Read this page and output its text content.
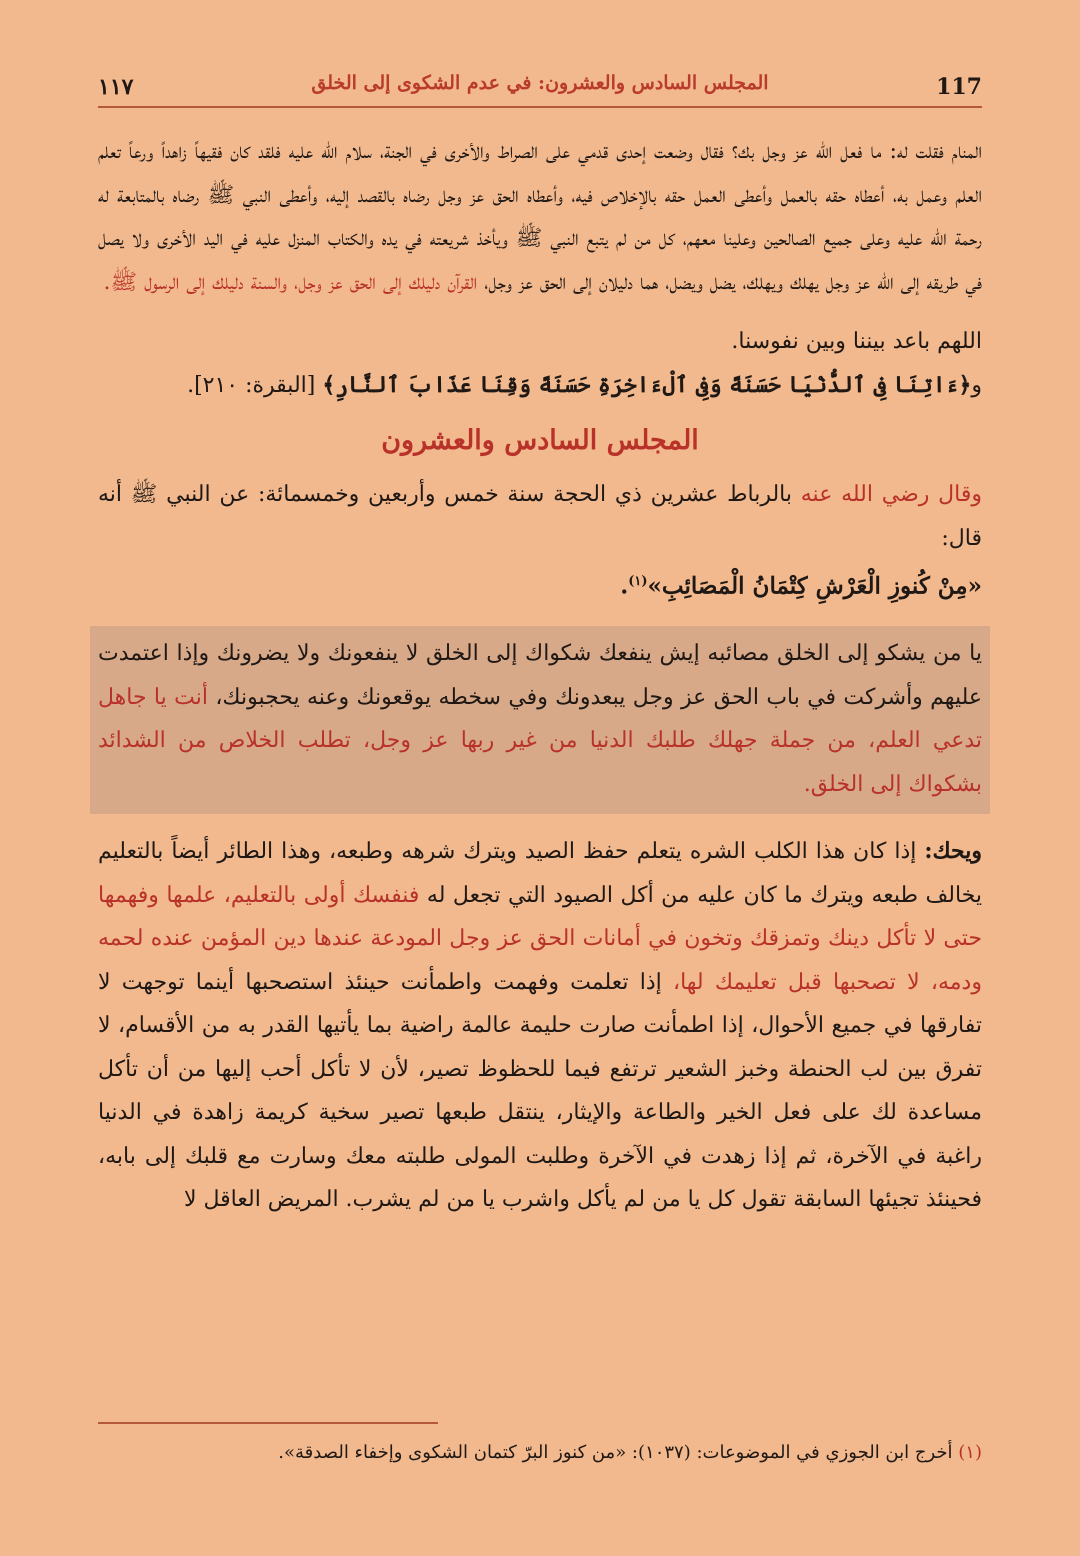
117
المجلس السادس والعشرون: في عدم الشكوى إلى الخلق
١١٧

المنام فقلت له: ما فعل الله عز وجل بك؟ فقال وضعت إحدى قدمي على الصراط والأخرى في الجنة، سلام الله عليه فلقد كان فقيهاً زاهداً ورعاً تعلم العلم وعمل به، أعطاه حقه بالعمل وأعطى العمل حقه بالإخلاص فيه، وأعطاه الحق عز وجل رضاه بالقصد إليه، وأعطى النبي ﷺ رضاه بالمتابعة له رحمة الله عليه وعلى جميع الصالحين وعلينا معهم، كل من لم يتبع النبي ﷺ ويأخذ شريعته في يده والكتاب المنزل عليه في اليد الأخرى ولا يصل في طريقه إلى الله عز وجل يهلك ويهلك، يضل ويضل، هما دليلان إلى الحق عز وجل، القرآن دليلك إلى الحق عز وجل، والسنة دليلك إلى الرسول ﷺ.

اللهم باعد بيننا وبين نفوسنا.

و﴿ءَاتِنَا فِى ٱلدُّنْيَا حَسَنَةً وَفِى ٱلْءَاخِرَةِ حَسَنَةً وَقِنَا عَذَابَ ٱلنَّارِ﴾ [البقرة: ٢١٠].

المجلس السادس والعشرون

وقال رضي الله عنه بالرباط عشرين ذي الحجة سنة خمس وأربعين وخمسمائة: عن النبي ﷺ أنه قال:

«مِنْ كُنوزِ الْعَرْشِ كِتْمَانُ الْمَصَائِبِ»$^{(١)}$.

يا من يشكو إلى الخلق مصائبه إيش ينفعك شكواك إلى الخلق لا ينفعونك ولا يضرونك وإذا اعتمدت عليهم وأشركت في باب الحق عز وجل يبعدونك وفي سخطه يوقعونك وعنه يحجبونك، أنت يا جاهل تدعي العلم، من جملة جهلك طلبك الدنيا من غير ربها عز وجل، تطلب الخلاص من الشدائد بشكواك إلى الخلق.

ويحك: إذا كان هذا الكلب الشره يتعلم حفظ الصيد ويترك شرهه وطبعه، وهذا الطائر أيضاً بالتعليم يخالف طبعه ويترك ما كان عليه من أكل الصيود التي تجعل له فنفسك أولى بالتعليم، علمها وفهمها حتى لا تأكل دينك وتمزقك وتخون في أمانات الحق عز وجل المودعة عندها دين المؤمن عنده لحمه ودمه، لا تصحبها قبل تعليمك لها، إذا تعلمت وفهمت واطمأنت حينئذ استصحبها أينما توجهت لا تفارقها في جميع الأحوال، إذا اطمأنت صارت حليمة عالمة راضية بما يأتيها القدر به من الأقسام، لا تفرق بين لب الحنطة وخبز الشعير ترتفع فيما للحظوظ تصير، لأن لا تأكل أحب إليها من أن تأكل مساعدة لك على فعل الخير والطاعة والإيثار، ينتقل طبعها تصير سخية كريمة زاهدة في الدنيا راغبة في الآخرة، ثم إذا زهدت في الآخرة وطلبت المولى طلبته معك وسارت مع قلبك إلى بابه، فحينئذ تجيئها السابقة تقول كل يا من لم يأكل واشرب يا من لم يشرب. المريض العاقل لا

(١) أخرج ابن الجوزي في الموضوعات: (١٠٣٧): «من كنوز البرّ كتمان الشكوى وإخفاء الصدقة».
